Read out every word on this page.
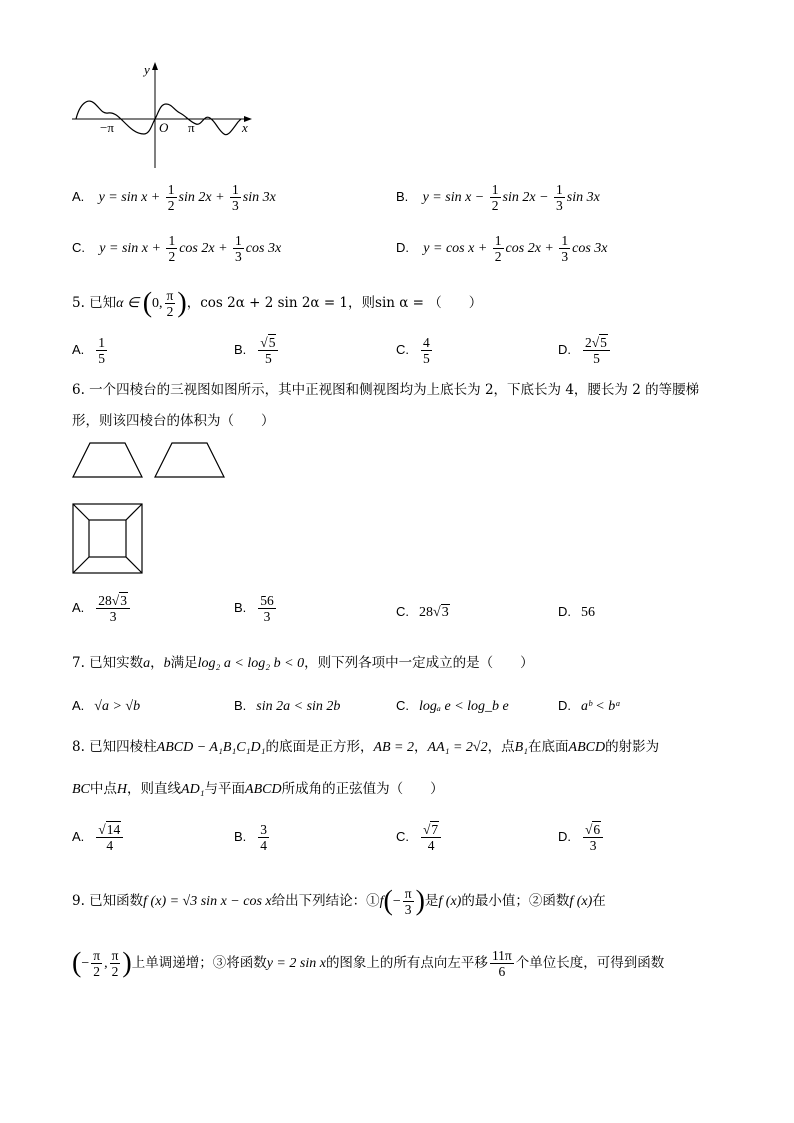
y
x
O
−π	π
A. $y = \sin x + \frac{1}{2}$ $\sin 2x + \frac{1}{3}$ sin 3x	B. $y = \sin x - \frac{1}{2}$ $\sin 2x - \frac{1}{3}$ sin 3x
C. $y = \sin x + \frac{1}{2}$ $\cos 2x + \frac{1}{3}$ cos 3x	D. $y = \cos x + \frac{1}{2}$ $\cos 2x + \frac{1}{3}$ cos 3x
5. 已知α ∈ (0, $\frac{\pi}{2}$ )，cos 2α + 2 sin 2α = 1，则sin α = （　　）
A. $\frac{1}{5}$	B. $\frac{√5}{5}$	C. $\frac{4}{5}$	D. $\frac{2√5}{5}$
6. 一个四棱台的三视图如图所示，其中正视图和侧视图均为上底长为 2，下底长为 4，腰长为 2 的等腰梯
形，则该四棱台的体积为（　　）
A. $\frac{28√3}{3}$	B. $\frac{56}{3}$	C. 28√3	D. 56
7. 已知实数a，b满足log₂ a < log₂ b < 0，则下列各项中一定成立的是（　　）
A. √a > √b	B. sin 2a < sin 2b	C. logₐ e < log_b e	D. aᵇ < bᵃ
8. 已知四棱柱ABCD − A₁B₁C₁D₁的底面是正方形，AB = 2，AA₁ = 2√2，点B₁在底面ABCD的射影为
BC中点H，则直线AD₁与平面ABCD所成角的正弦值为（　　）
A. $\frac{√14}{4}$	B. $\frac{3}{4}$	C. $\frac{√7}{4}$	D. $\frac{√6}{3}$
9. 已知函数f (x) = √3 sin x − cos x给出下列结论：①f(− $\frac{\pi}{3}$ )是f (x)的最小值；②函数f (x)在
(− $\frac{\pi}{2}$ , $\frac{\pi}{2}$ )上单调递增；③将函数y = 2 sin x的图象上的所有点向左平移 $\frac{11\pi}{6}$ 个单位长度，可得到函数
